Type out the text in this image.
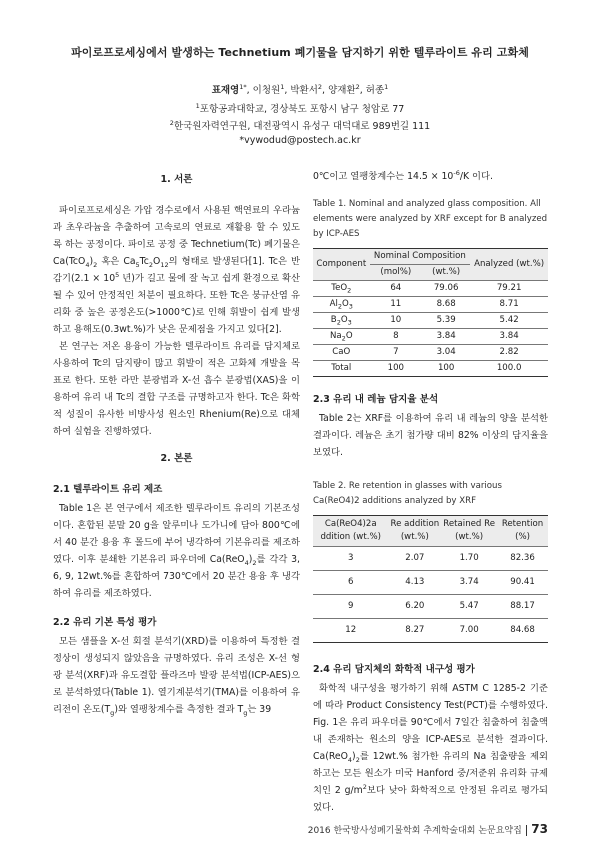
파이로프로세싱에서 발생하는 Technetium 폐기물을 담지하기 위한 텔루라이트 유리 고화체
표재영$^{1*}$, 이청원$^1$, 박환서$^2$, 양재환$^2$, 허종$^1$
$^1$포항공과대학교, 경상북도 포항시 남구 청암로 77
$^2$한국원자력연구원, 대전광역시 유성구 대덕대로 989번길 111
*vywodud@postech.ac.kr
1. 서론

파이로프로세싱은 가압 경수로에서 사용된 핵연료의 우라늄과 초우라늄을 추출하여 고속로의 연료로 재활용 할 수 있도록 하는 공정이다. 파이로 공정 중 Technetium(Tc) 폐기물은 $Ca(TcO_4)_2$ 혹은 $Ca_5Tc_2O_{12}$의 형태로 발생된다[1]. Tc은 반감기($2.1 \times 10^5$ 년)가 길고 물에 잘 녹고 쉽게 환경으로 확산 될 수 있어 안정적인 처분이 필요하다. 또한 Tc은 붕규산염 유리화 중 높은 공정온도(>1000℃)로 인해 휘발이 쉽게 발생하고 용해도(0.3wt.%)가 낮은 문제점을 가지고 있다[2].

본 연구는 저온 용융이 가능한 텔루라이트 유리를 담지체로 사용하여 Tc의 담지량이 많고 휘발이 적은 고화체 개발을 목표로 한다. 또한 라만 분광법과 X-선 흡수 분광법(XAS)을 이용하여 유리 내 Tc의 결합 구조를 규명하고자 한다. Tc은 화학적 성질이 유사한 비방사성 원소인 Rhenium(Re)으로 대체하여 실험을 진행하였다.

2. 본론
2.1 텔루라이트 유리 제조

Table 1은 본 연구에서 제조한 텔루라이트 유리의 기본조성이다. 혼합된 분말 20 g을 알루미나 도가니에 담아 800℃에서 40 분간 용융 후 몰드에 부어 냉각하여 기본유리를 제조하였다. 이후 분쇄한 기본유리 파우더에 $Ca(ReO_4)_2$를 각각 3, 6, 9, 12wt.%를 혼합하여 730℃에서 20 분간 용융 후 냉각하여 유리를 제조하였다.

2.2 유리 기본 특성 평가

모든 샘플을 X-선 회절 분석기(XRD)를 이용하여 특정한 결정상이 생성되지 않았음을 규명하였다. 유리 조성은 X-선 형광 분석(XRF)과 유도결합 플라즈마 발광 분석법(ICP-AES)으로 분석하였다(Table 1). 열기계분석기(TMA)를 이용하여 유리전이 온도$(T_g)$와 열팽창계수를 측정한 결과 $T_g$는 39

0℃이고 열팽창계수는 $14.5 \times 10^{-6}/K$ 이다.

Table 1. Nominal and analyzed glass composition. All elements were analyzed by XRF except for B analyzed by ICP-AES
Component	Nominal Composition		Analyzed (wt.%)
	(mol%)	(wt.%)	
TeO$_2$	64	79.06	79.21
$Al_2O_3$	11	8.68	8.71
$B_2O_3$	10	5.39	5.42
$Na_2O$	8	3.84	3.84
CaO	7	3.04	2.82
Total	100	100	100.0
2.3 유리 내 레늄 담지율 분석

Table 2는 XRF를 이용하여 유리 내 레늄의 양을 분석한 결과이다. 레늄은 초기 첨가량 대비 82% 이상의 담지율을 보였다.

Table 2. Re retention in glasses with various Ca(ReO4)2 additions analyzed by XRF
Ca(ReO4)2a ddition (wt.%)	Re addition (wt.%)	Retained Re (wt.%)	Retention (%)
3	2.07	1.70	82.36
6	4.13	3.74	90.41
9	6.20	5.47	88.17
12	8.27	7.00	84.68
2.4 유리 담지체의 화학적 내구성 평가

화학적 내구성을 평가하기 위해 ASTM C 1285-2 기준에 따라 Product Consistency Test(PCT)를 수행하였다. Fig. 1은 유리 파우더를 90℃에서 7일간 침출하여 침출액 내 존재하는 원소의 양을 ICP-AES로 분석한 결과이다. $Ca(ReO_4)_2$를 12wt.% 첨가한 유리의 Na 침출량을 제외하고는 모든 원소가 미국 Hanford 중/저준위 유리화 규제치인 2 $g/m^2$보다 낮아 화학적으로 안정된 유리로 평가되었다.

2016 한국방사성폐기물학회 추계학술대회 논문요약집 73
